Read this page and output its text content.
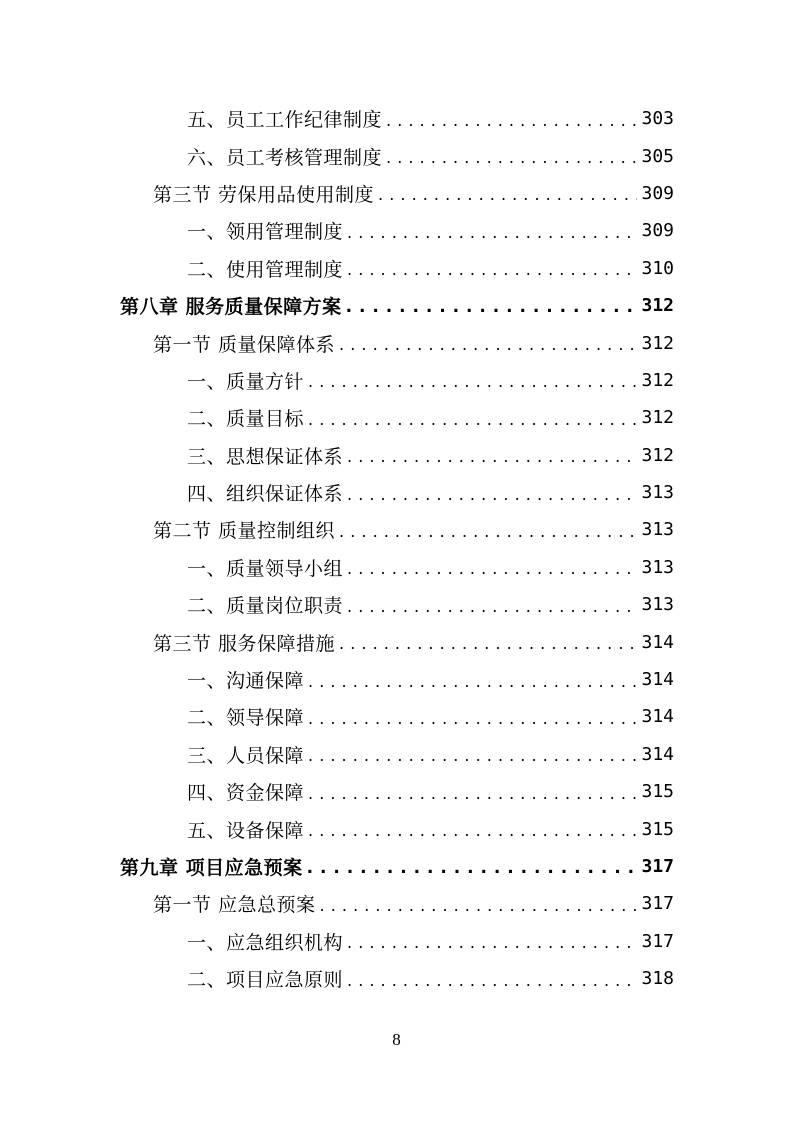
五、员工工作纪律制度 . . .	303
六、员工考核管理制度 . . .	305
第三节 劳保用品使用制度 . . .	309
一、领用管理制度 . . .	309
二、使用管理制度 . . .	310
第八章 服务质量保障方案 . . .	312
第一节 质量保障体系 . . .	312
一、质量方针 . . .	312
二、质量目标 . . .	312
三、思想保证体系 . . .	312
四、组织保证体系 . . .	313
第二节 质量控制组织 . . .	313
一、质量领导小组 . . .	313
二、质量岗位职责 . . .	313
第三节 服务保障措施 . . .	314
一、沟通保障 . . .	314
二、领导保障 . . .	314
三、人员保障 . . .	314
四、资金保障 . . .	315
五、设备保障 . . .	315
第九章 项目应急预案 . . .	317
第一节 应急总预案 . . .	317
一、应急组织机构 . . .	317
二、项目应急原则 . . .	318
8
